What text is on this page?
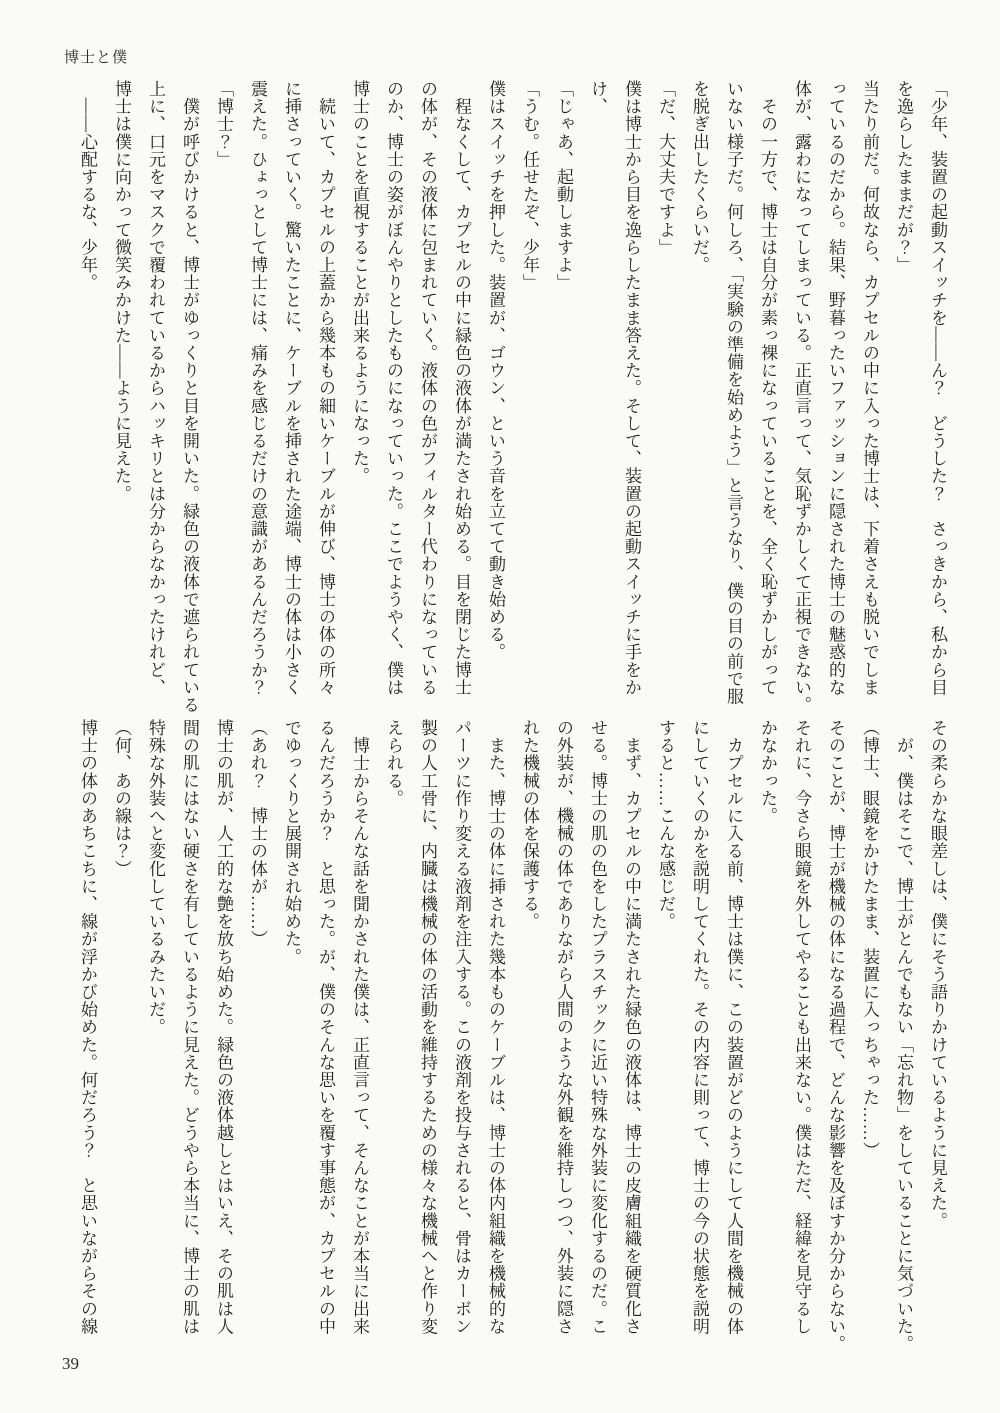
博士と僕
「少年、装置の起動スイッチを――ん？　どうした？　さっきから、私から目
を逸らしたままだが？」
当たり前だ。何故なら、カプセルの中に入った博士は、下着さえも脱いでしま
っているのだから。結果、野暮ったいファッションに隠された博士の魅惑的な
体が、露わになってしまっている。正直言って、気恥ずかしくて正視できない。
　その一方で、博士は自分が素っ裸になっていることを、全く恥ずかしがって
いない様子だ。何しろ、「実験の準備を始めよう」と言うなり、僕の目の前で服
を脱ぎ出したくらいだ。
「だ、大丈夫ですよ」
僕は博士から目を逸らしたまま答えた。そして、装置の起動スイッチに手をか
け、
「じゃあ、起動しますよ」
「うむ。任せたぞ、少年」
僕はスイッチを押した。装置が、ゴウン、という音を立てて動き始める。
　程なくして、カプセルの中に緑色の液体が満たされ始める。目を閉じた博士
の体が、その液体に包まれていく。液体の色がフィルター代わりになっている
のか、博士の姿がぼんやりとしたものになっていった。ここでようやく、僕は
博士のことを直視することが出来るようになった。
　続いて、カプセルの上蓋から幾本もの細いケーブルが伸び、博士の体の所々
に挿さっていく。驚いたことに、ケーブルを挿された途端、博士の体は小さく
震えた。ひょっとして博士には、痛みを感じるだけの意識があるんだろうか？
「博士？」
　僕が呼びかけると、博士がゆっくりと目を開いた。緑色の液体で遮られている
上に、口元をマスクで覆われているからハッキリとは分からなかったけれど、
博士は僕に向かって微笑みかけた――ように見えた。
　――心配するな、少年。
その柔らかな眼差しは、僕にそう語りかけているように見えた。
　が、僕はそこで、博士がとんでもない「忘れ物」をしていることに気づいた。
（博士、眼鏡をかけたまま、装置に入っちゃった……）
そのことが、博士が機械の体になる過程で、どんな影響を及ぼすか分からない。
それに、今さら眼鏡を外してやることも出来ない。僕はただ、経緯を見守るし
かなかった。
　カプセルに入る前、博士は僕に、この装置がどのようにして人間を機械の体
にしていくのかを説明してくれた。その内容に則って、博士の今の状態を説明
すると……こんな感じだ。
　まず、カプセルの中に満たされた緑色の液体は、博士の皮膚組織を硬質化さ
せる。博士の肌の色をしたプラスチックに近い特殊な外装に変化するのだ。こ
の外装が、機械の体でありながら人間のような外観を維持しつつ、外装に隠さ
れた機械の体を保護する。
　また、博士の体に挿された幾本ものケーブルは、博士の体内組織を機械的な
パーツに作り変える液剤を注入する。この液剤を投与されると、骨はカーボン
製の人工骨に、内臓は機械の体の活動を維持するための様々な機械へと作り変
えられる。
　博士からそんな話を聞かされた僕は、正直言って、そんなことが本当に出来
るんだろうか？　と思った。が、僕のそんな思いを覆す事態が、カプセルの中
でゆっくりと展開され始めた。
（あれ？　博士の体が……）
博士の肌が、人工的な艶を放ち始めた。緑色の液体越しとはいえ、その肌は人
間の肌にはない硬さを有しているように見えた。どうやら本当に、博士の肌は
特殊な外装へと変化しているみたいだ。
（何、あの線は？）
博士の体のあちこちに、線が浮かび始めた。何だろう？　と思いながらその線
39
